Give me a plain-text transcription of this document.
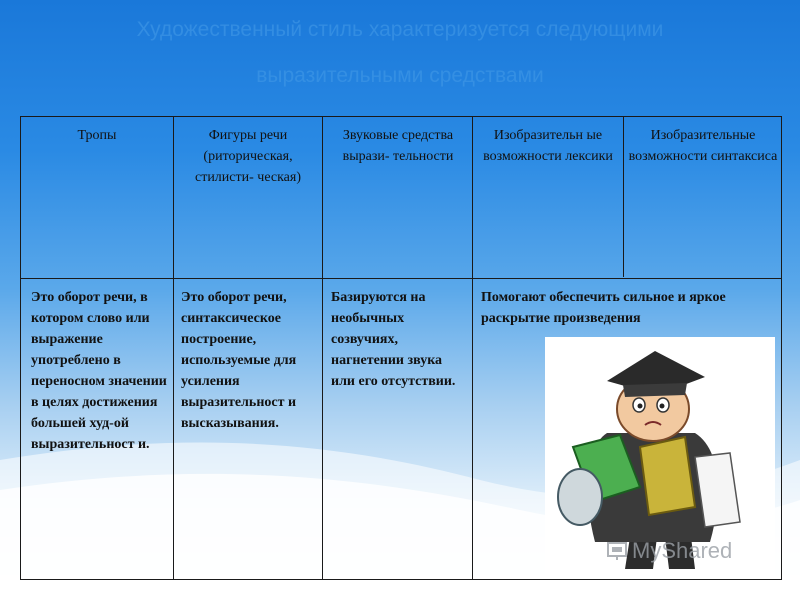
Художественный стиль характеризуется следующими
выразительными средствами
Тропы	Фигуры речи (риторическая, стилисти- ческая)
Звуковые средства вырази- тельности
Изобразительн ые возможности лексики
Изобразительные возможности синтаксиса
Это оборот речи, в котором слово или выражение употреблено в переносном значении в целях достижения большей худ-ой выразительност и.
Это оборот речи, синтаксическое построение, используемые для усиления выразительност и высказывания.
Базируются на необычных созвучиях, нагнетении звука или его отсутствии.
Помогают обеспечить сильное и яркое раскрытие произведения
MyShared
